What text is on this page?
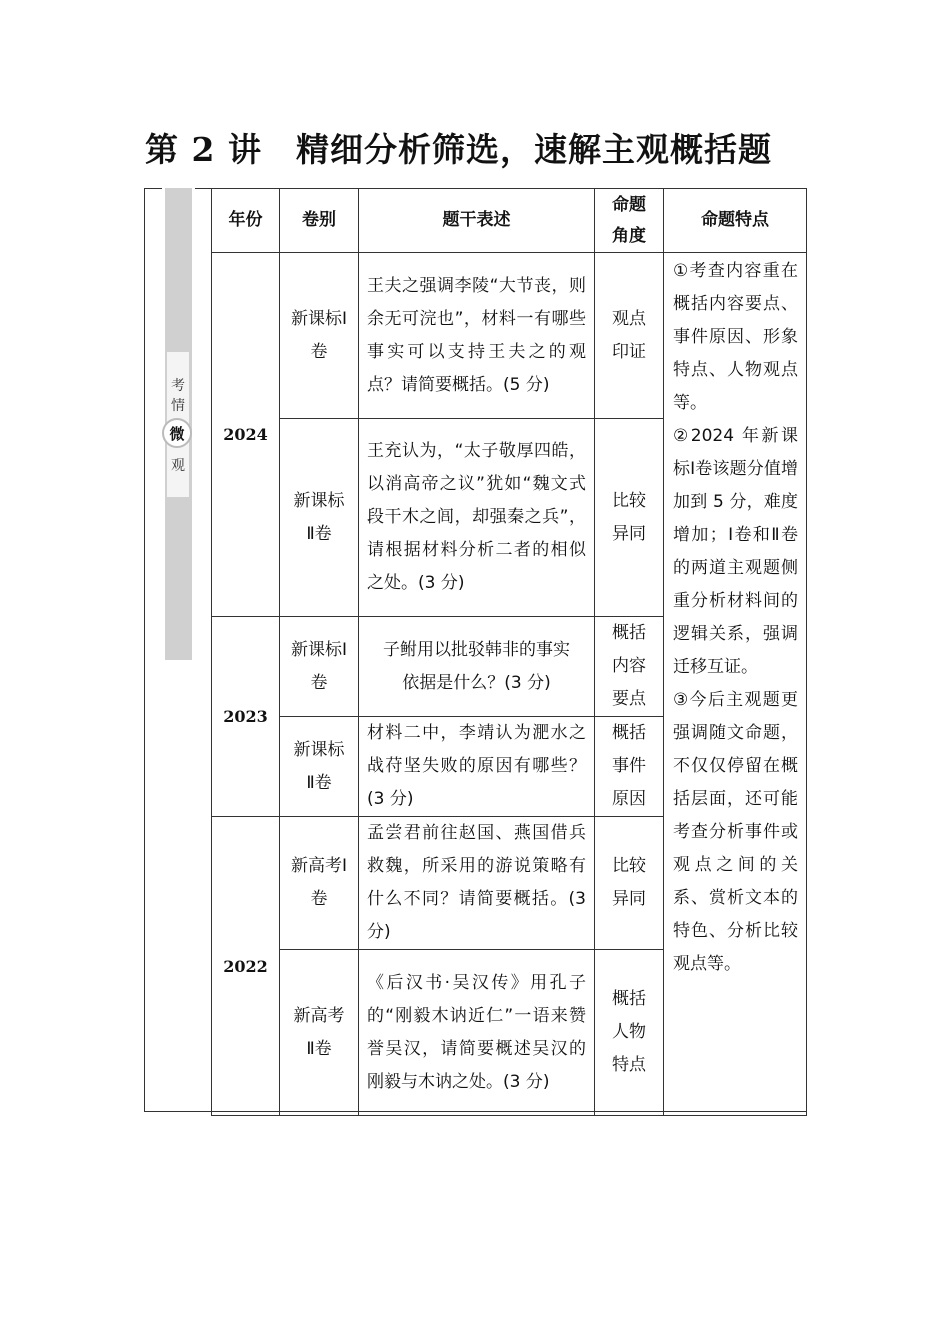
第 2 讲　精细分析筛选，速解主观概括题
考
情
微
观
年份	卷别	题干表述	命题角度	命题特点
2024	新课标Ⅰ卷	王夫之强调李陵“大节丧，则余无可浣也”，材料一有哪些事实可以支持王夫之的观点？请简要概括。(5 分)	观点印证	①考查内容重在概括内容要点、事件原因、形象特点、人物观点等。

②2024 年新课标Ⅰ卷该题分值增加到 5 分，难度增加；Ⅰ卷和Ⅱ卷的两道主观题侧重分析材料间的逻辑关系，强调迁移互证。

③今后主观题更强调随文命题，不仅仅停留在概括层面，还可能考查分析事件或观点之间的关系、赏析文本的特色、分析比较观点等。

	新课标Ⅱ卷	王充认为，“太子敬厚四皓，以消高帝之议”犹如“魏文式段干木之闾，却强秦之兵”，请根据材料分析二者的相似之处。(3 分)	比较异同	
2023	新课标Ⅰ卷	子鲋用以批驳韩非的事实依据是什么？(3 分)	概括内容要点	
	新课标Ⅱ卷	材料二中，李靖认为淝水之战苻坚失败的原因有哪些？(3 分)	概括事件原因	
2022	新高考Ⅰ卷	孟尝君前往赵国、燕国借兵救魏，所采用的游说策略有什么不同？请简要概括。(3 分)	比较异同	
	新高考Ⅱ卷	《后汉书·吴汉传》用孔子的“刚毅木讷近仁”一语来赞誉吴汉，请简要概述吴汉的刚毅与木讷之处。(3 分)	概括人物特点	
